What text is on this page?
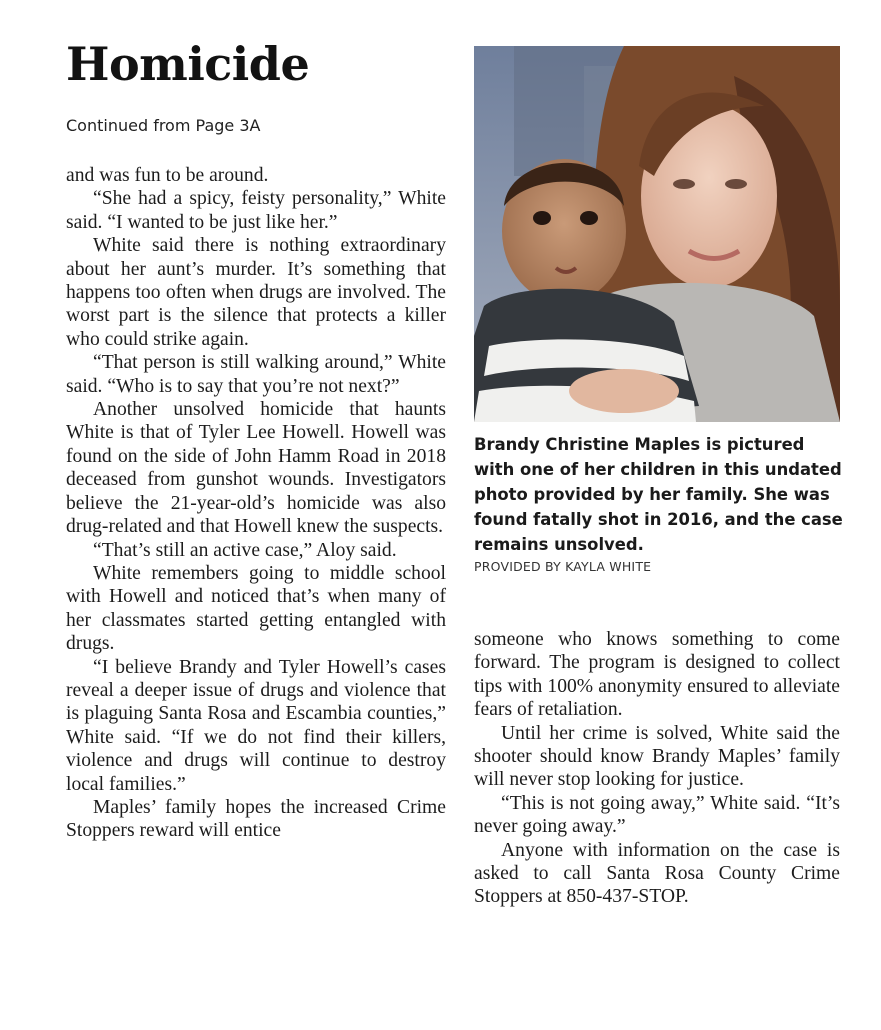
Homicide
Continued from Page 3A

and was fun to be around.

“She had a spicy, feisty personality,” White said. “I wanted to be just like her.”

White said there is nothing extraordinary about her aunt’s murder. It’s something that happens too often when drugs are involved. The worst part is the silence that protects a killer who could strike again.

“That person is still walking around,” White said. “Who is to say that you’re not next?”

Another unsolved homicide that haunts White is that of Tyler Lee Howell. Howell was found on the side of John Hamm Road in 2018 deceased from gunshot wounds. Investigators believe the 21-year-old’s homicide was also drug-related and that Howell knew the suspects.

“That’s still an active case,” Aloy said.

White remembers going to middle school with Howell and noticed that’s when many of her classmates started getting entangled with drugs.

“I believe Brandy and Tyler Howell’s cases reveal a deeper issue of drugs and violence that is plaguing Santa Rosa and Escambia counties,” White said. “If we do not find their killers, violence and drugs will continue to destroy local families.”

Maples’ family hopes the increased Crime Stoppers reward will entice

Brandy Christine Maples is pictured with one of her children in this undated photo provided by her family. She was found fatally shot in 2016, and the case remains unsolved.
PROVIDED BY KAYLA WHITE

someone who knows something to come forward. The program is designed to collect tips with 100% anonymity ensured to alleviate fears of retaliation.

Until her crime is solved, White said the shooter should know Brandy Maples’ family will never stop looking for justice.

“This is not going away,” White said. “It’s never going away.”

Anyone with information on the case is asked to call Santa Rosa County Crime Stoppers at 850-437-STOP.
